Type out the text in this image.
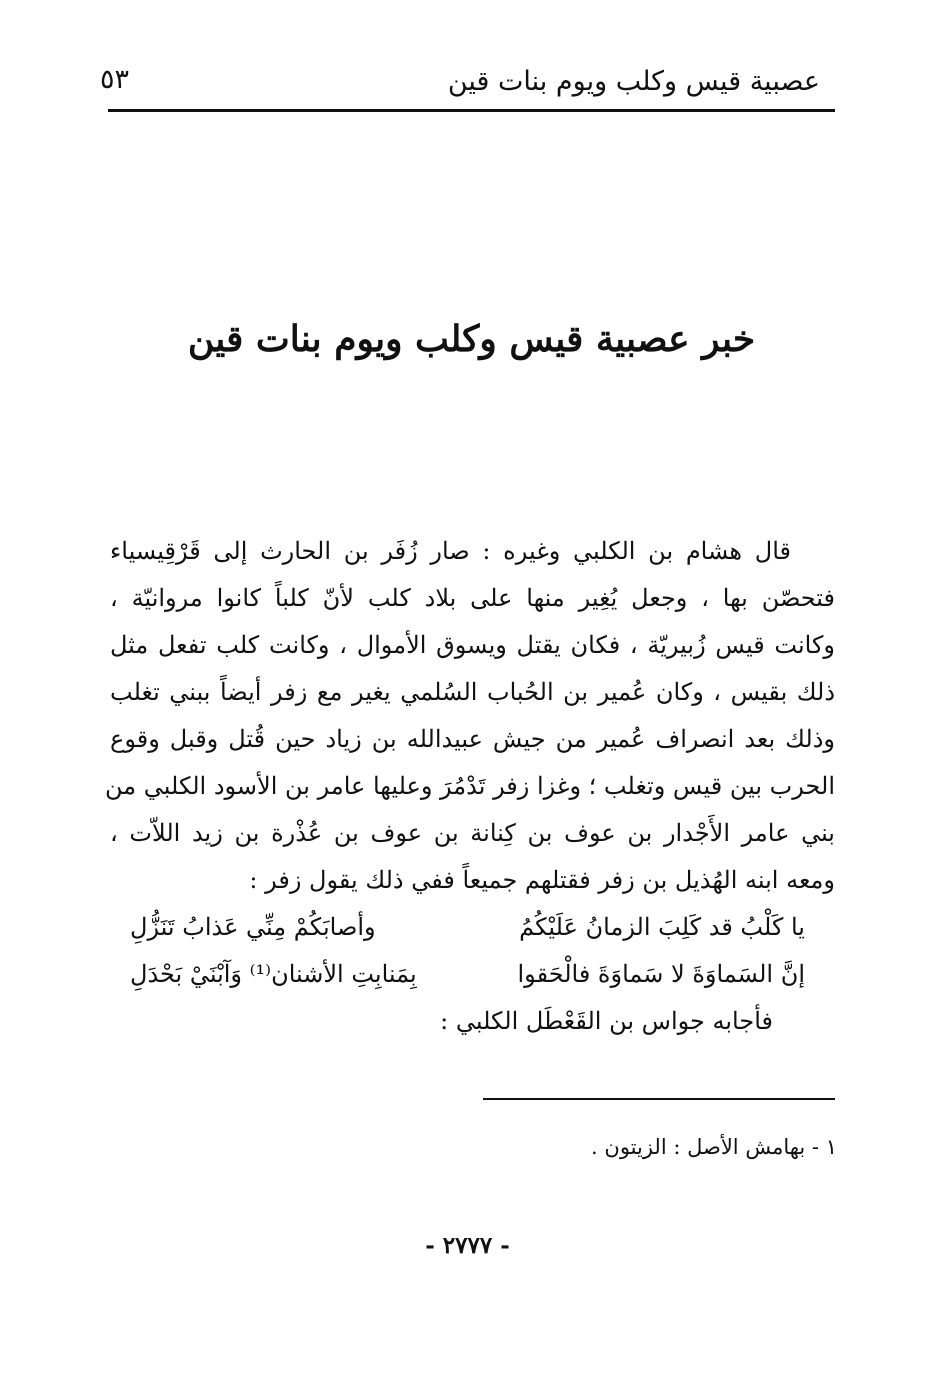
عصبية قيس وكلب ويوم بنات قين
٥٣
خبر عصبية قيس وكلب ويوم بنات قين
قال هشام بن الكلبي وغيره : صار زُفَر بن الحارث إلى قَرْقِيسياء
فتحصّن بها ، وجعل يُغِير منها على بلاد كلب لأنّ كلباً كانوا مروانيّة ،
وكانت قيس زُبيريّة ، فكان يقتل ويسوق الأموال ، وكانت كلب تفعل مثل
ذلك بقيس ، وكان عُمير بن الحُباب السُلمي يغير مع زفر أيضاً ببني تغلب
وذلك بعد انصراف عُمير من جيش عبيدالله بن زياد حين قُتل وقبل وقوع
الحرب بين قيس وتغلب ؛ وغزا زفر تَدْمُرَ وعليها عامر بن الأسود الكلبي من
بني عامر الأَجْدار بن عوف بن كِنانة بن عوف بن عُذْرة بن زيد اللاّت ،
ومعه ابنه الهُذيل بن زفر فقتلهم جميعاً ففي ذلك يقول زفر :
يا كَلْبُ قد كَلِبَ الزمانُ عَلَيْكُمُ
وأصابَكُمْ مِنِّي عَذابُ تَنَزُّلِ
إنَّ السَماوَةَ لا سَماوَةَ فالْحَقوا
بِمَنابِتِ الأشنان⁽¹⁾ وَآبْنَيْ بَحْدَلِ
فأجابه جواس بن القَعْطَل الكلبي :
١ - بهامش الأصل : الزيتون .
- ٢٧٧٧ -
